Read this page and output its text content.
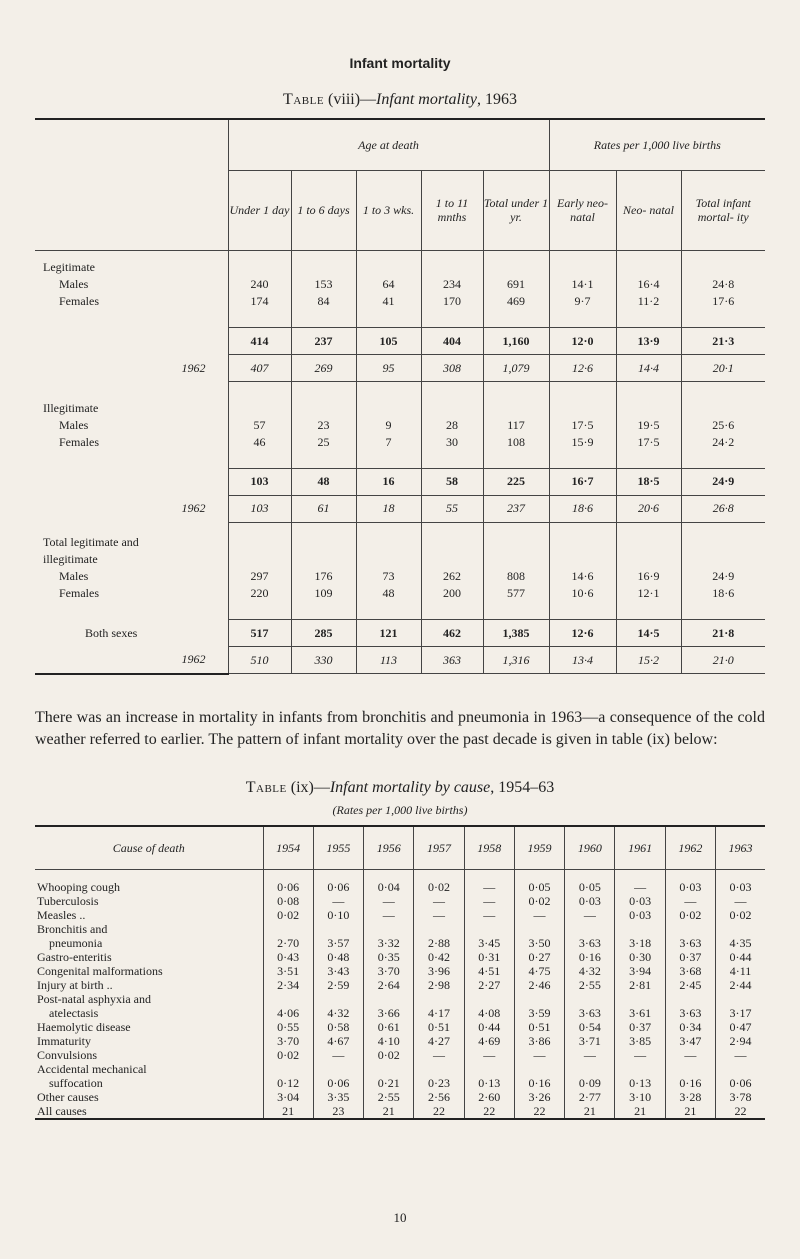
Infant mortality
Table (viii)—Infant mortality, 1963
	Age at death					Rates per 1,000 live births		
	Under 1 day	1 to 6 days	1 to 3 wks.	1 to 11 mnths	Total under 1 yr.	Early neo- natal	Neo- natal	Total infant mortal- ity
Legitimate								
Males	240	153	64	234	691	14·1	16·4	24·8
Females	174	84	41	170	469	9·7	11·2	17·6

	414	237	105	404	1,160	12·0	13·9	21·3
1962	407	269	95	308	1,079	12·6	14·4	20·1
Illegitimate								
Males	57	23	9	28	117	17·5	19·5	25·6
Females	46	25	7	30	108	15·9	17·5	24·2

	103	48	16	58	225	16·7	18·5	24·9
1962	103	61	18	55	237	18·6	20·6	26·8
Total legitimate and								
illegitimate								
Males	297	176	73	262	808	14·6	16·9	24·9
Females	220	109	48	200	577	10·6	12·1	18·6

Both sexes	517	285	121	462	1,385	12·6	14·5	21·8
1962	510	330	113	363	1,316	13·4	15·2	21·0

There was an increase in mortality in infants from bronchitis and pneumonia in 1963—a consequence of the cold weather referred to earlier. The pattern of infant mortality over the past decade is given in table (ix) below:

Table (ix)—Infant mortality by cause, 1954–63
(Rates per 1,000 live births)
Cause of death	1954	1955	1956	1957	1958	1959	1960	1961	1962	1963
Whooping cough	0·06	0·06	0·04	0·02	—	0·05	0·05	—	0·03	0·03
Tuberculosis	0·08	—	—	—	—	0·02	0·03	0·03	—	—
Measles ..	0·02	0·10	—	—	—	—	—	0·03	0·02	0·02
Bronchitis and										
pneumonia	2·70	3·57	3·32	2·88	3·45	3·50	3·63	3·18	3·63	4·35
Gastro-enteritis	0·43	0·48	0·35	0·42	0·31	0·27	0·16	0·30	0·37	0·44
Congenital malformations	3·51	3·43	3·70	3·96	4·51	4·75	4·32	3·94	3·68	4·11
Injury at birth ..	2·34	2·59	2·64	2·98	2·27	2·46	2·55	2·81	2·45	2·44
Post-natal asphyxia and										
atelectasis	4·06	4·32	3·66	4·17	4·08	3·59	3·63	3·61	3·63	3·17
Haemolytic disease	0·55	0·58	0·61	0·51	0·44	0·51	0·54	0·37	0·34	0·47
Immaturity	3·70	4·67	4·10	4·27	4·69	3·86	3·71	3·85	3·47	2·94
Convulsions	0·02	—	0·02	—	—	—	—	—	—	—
Accidental mechanical										
suffocation	0·12	0·06	0·21	0·23	0·13	0·16	0·09	0·13	0·16	0·06
Other causes	3·04	3·35	2·55	2·56	2·60	3·26	2·77	3·10	3·28	3·78
All causes	21	23	21	22	22	22	21	21	21	22
10
